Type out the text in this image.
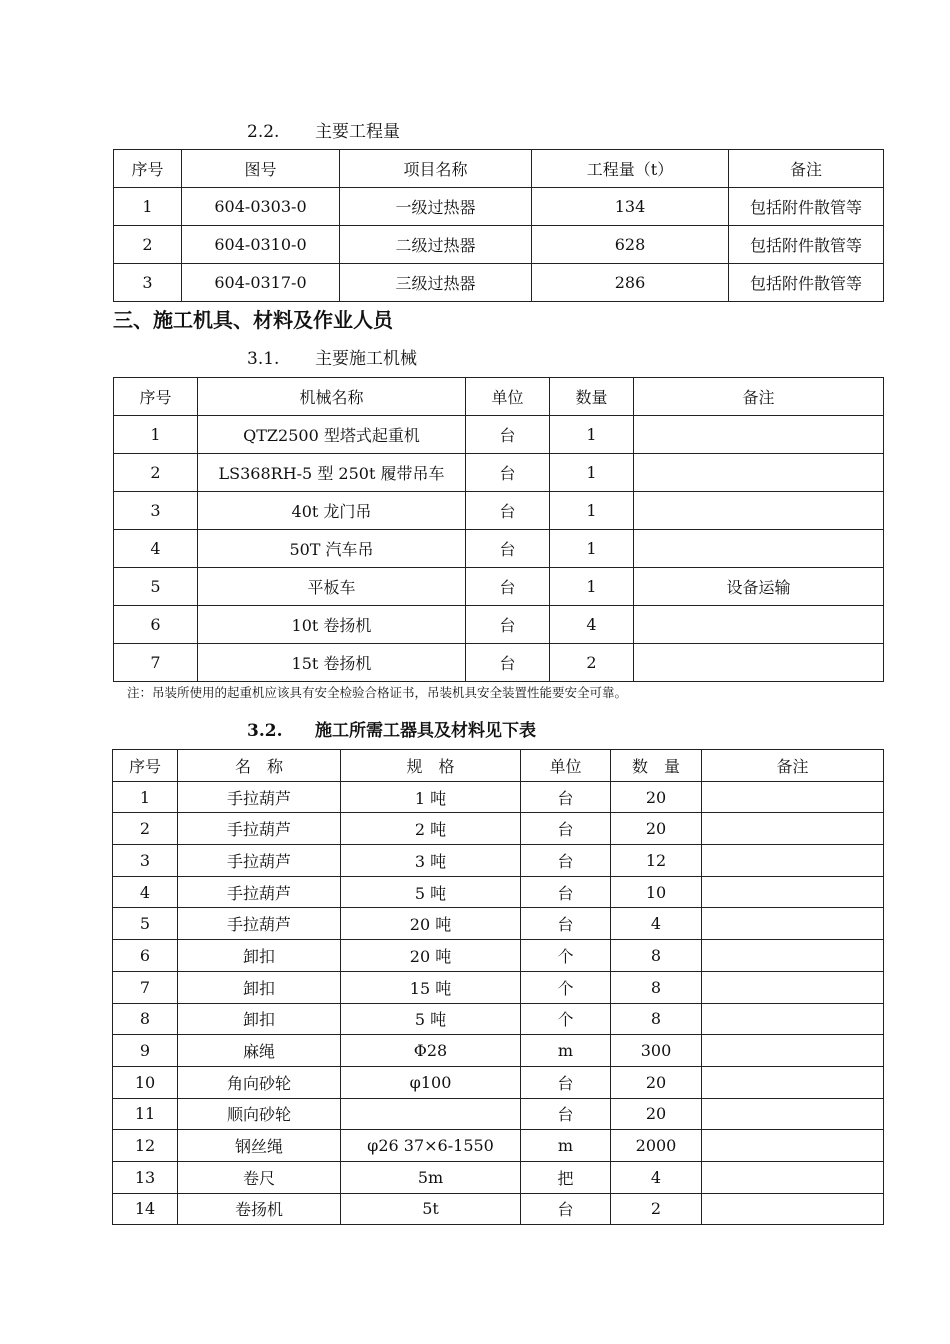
2.2. 主要工程量
序号	图号	项目名称	工程量（t）	备注
1	604-0303-0	一级过热器	134	包括附件散管等
2	604-0310-0	二级过热器	628	包括附件散管等
3	604-0317-0	三级过热器	286	包括附件散管等
三、施工机具、材料及作业人员
3.1. 主要施工机械
序号	机械名称	单位	数量	备注
1	QTZ2500 型塔式起重机	台	1	
2	LS368RH-5 型 250t 履带吊车	台	1	
3	40t 龙门吊	台	1	
4	50T 汽车吊	台	1	
5	平板车	台	1	设备运输
6	10t 卷扬机	台	4	
7	15t 卷扬机	台	2	
注：吊装所使用的起重机应该具有安全检验合格证书，吊装机具安全装置性能要安全可靠。
3.2. 施工所需工器具及材料见下表
序号	名　称	规　格	单位	数　量	备注
1	手拉葫芦	1 吨	台	20	
2	手拉葫芦	2 吨	台	20	
3	手拉葫芦	3 吨	台	12	
4	手拉葫芦	5 吨	台	10	
5	手拉葫芦	20 吨	台	4	
6	卸扣	20 吨	个	8	
7	卸扣	15 吨	个	8	
8	卸扣	5 吨	个	8	
9	麻绳	Φ28	m	300	
10	角向砂轮	φ100	台	20	
11	顺向砂轮		台	20	
12	钢丝绳	φ26 37×6-1550	m	2000	
13	卷尺	5m	把	4	
14	卷扬机	5t	台	2	
